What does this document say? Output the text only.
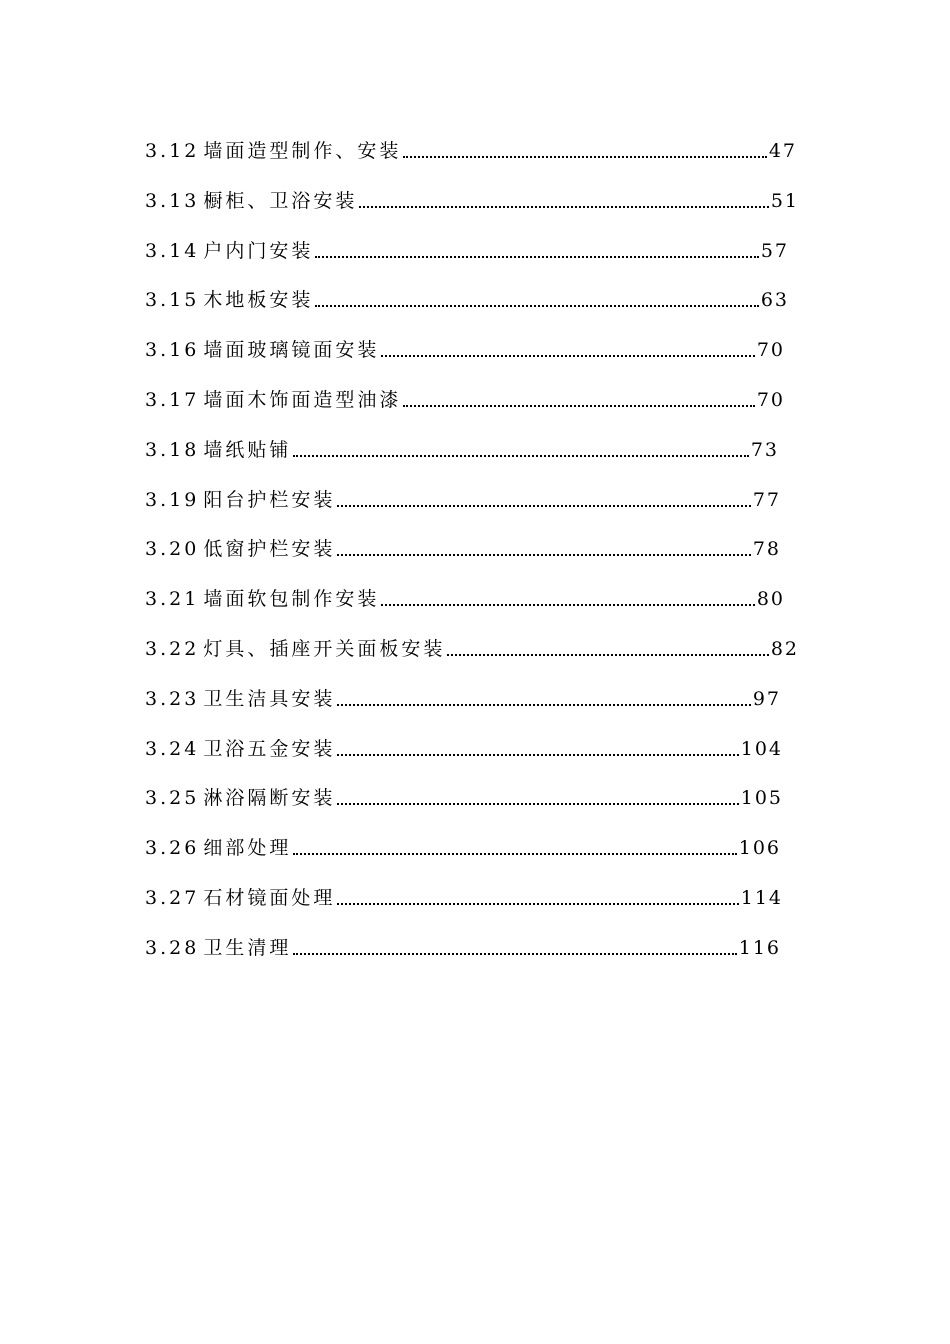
3.12 墙面造型制作、安装	47
3.13 橱柜、卫浴安装	51
3.14 户内门安装	57
3.15 木地板安装	63
3.16 墙面玻璃镜面安装	70
3.17 墙面木饰面造型油漆	70
3.18 墙纸贴铺	73
3.19 阳台护栏安装	77
3.20 低窗护栏安装	78
3.21 墙面软包制作安装	80
3.22 灯具、插座开关面板安装	82
3.23 卫生洁具安装	97
3.24 卫浴五金安装	104
3.25 淋浴隔断安装	105
3.26 细部处理	106
3.27 石材镜面处理	114
3.28 卫生清理	116
